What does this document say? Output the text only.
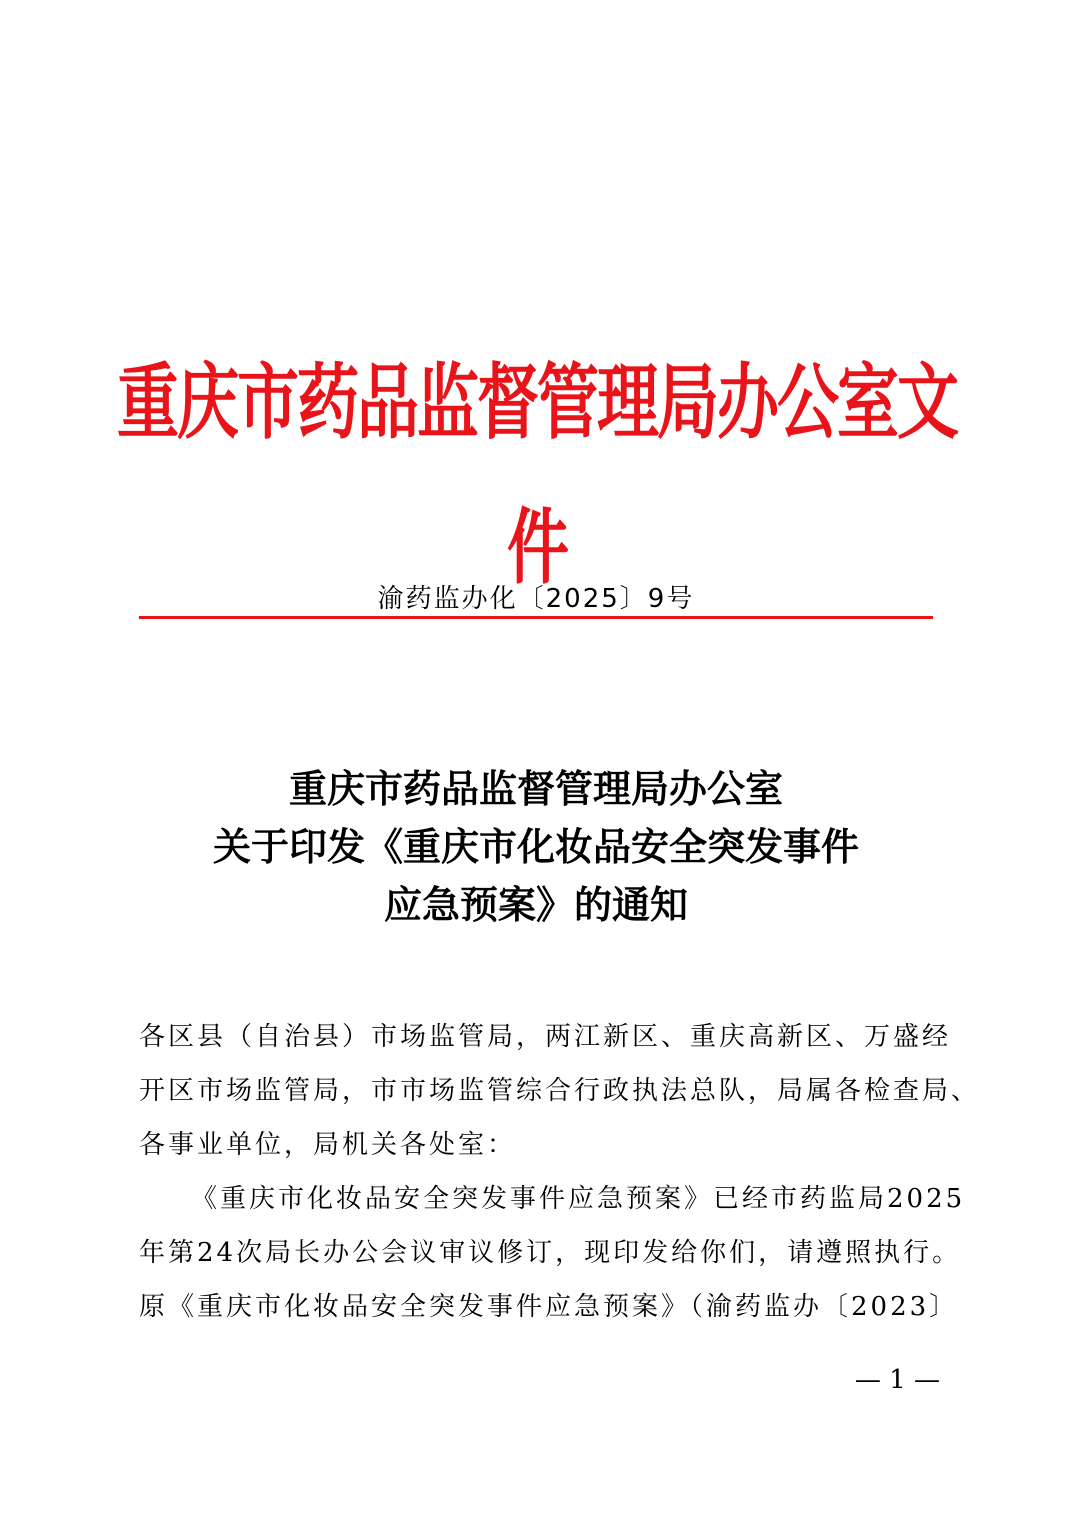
重庆市药品监督管理局办公室文件
渝药监办化〔2025〕9号
重庆市药品监督管理局办公室
关于印发《重庆市化妆品安全突发事件
应急预案》的通知
各区县（自治县）市场监管局，两江新区、重庆高新区、万盛经
开区市场监管局，市市场监管综合行政执法总队，局属各检查局、
各事业单位，局机关各处室：
《重庆市化妆品安全突发事件应急预案》已经市药监局2025
年第24次局长办公会议审议修订，现印发给你们，请遵照执行。
原《重庆市化妆品安全突发事件应急预案》（渝药监办〔2023〕
— 1 —
